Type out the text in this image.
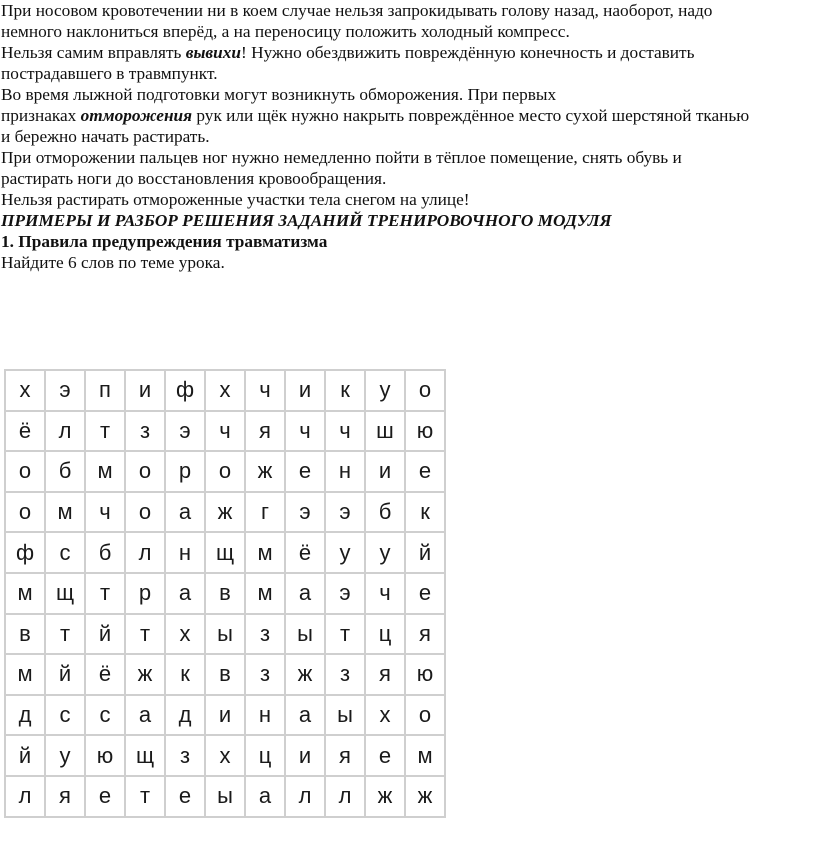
При носовом кровотечении ни в коем случае нельзя запрокидывать голову назад, наоборот, надо
немного наклониться вперёд, а на переносицу положить холодный компресс.
Нельзя самим вправлять вывихи! Нужно обездвижить повреждённую конечность и доставить
пострадавшего в травмпункт.
Во время лыжной подготовки могут возникнуть обморожения. При первых
признаках отморожения рук или щёк нужно накрыть повреждённое место сухой шерстяной тканью
и бережно начать растирать.
При отморожении пальцев ног нужно немедленно пойти в тёплое помещение, снять обувь и
растирать ноги до восстановления кровообращения.
Нельзя растирать отмороженные участки тела снегом на улице!
ПРИМЕРЫ И РАЗБОР РЕШЕНИЯ ЗАДАНИЙ ТРЕНИРОВОЧНОГО МОДУЛЯ
1. Правила предупреждения травматизма
Найдите 6 слов по теме урока.
х	э	п	и	ф	х	ч	и	к	у	о
ё	л	т	з	э	ч	я	ч	ч	ш	ю
о	б	м	о	р	о	ж	е	н	и	е
о	м	ч	о	а	ж	г	э	э	б	к
ф	с	б	л	н	щ	м	ё	у	у	й
м	щ	т	р	а	в	м	а	э	ч	е
в	т	й	т	х	ы	з	ы	т	ц	я
м	й	ё	ж	к	в	з	ж	з	я	ю
д	с	с	а	д	и	н	а	ы	х	о
й	у	ю	щ	з	х	ц	и	я	е	м
л	я	е	т	е	ы	а	л	л	ж	ж
